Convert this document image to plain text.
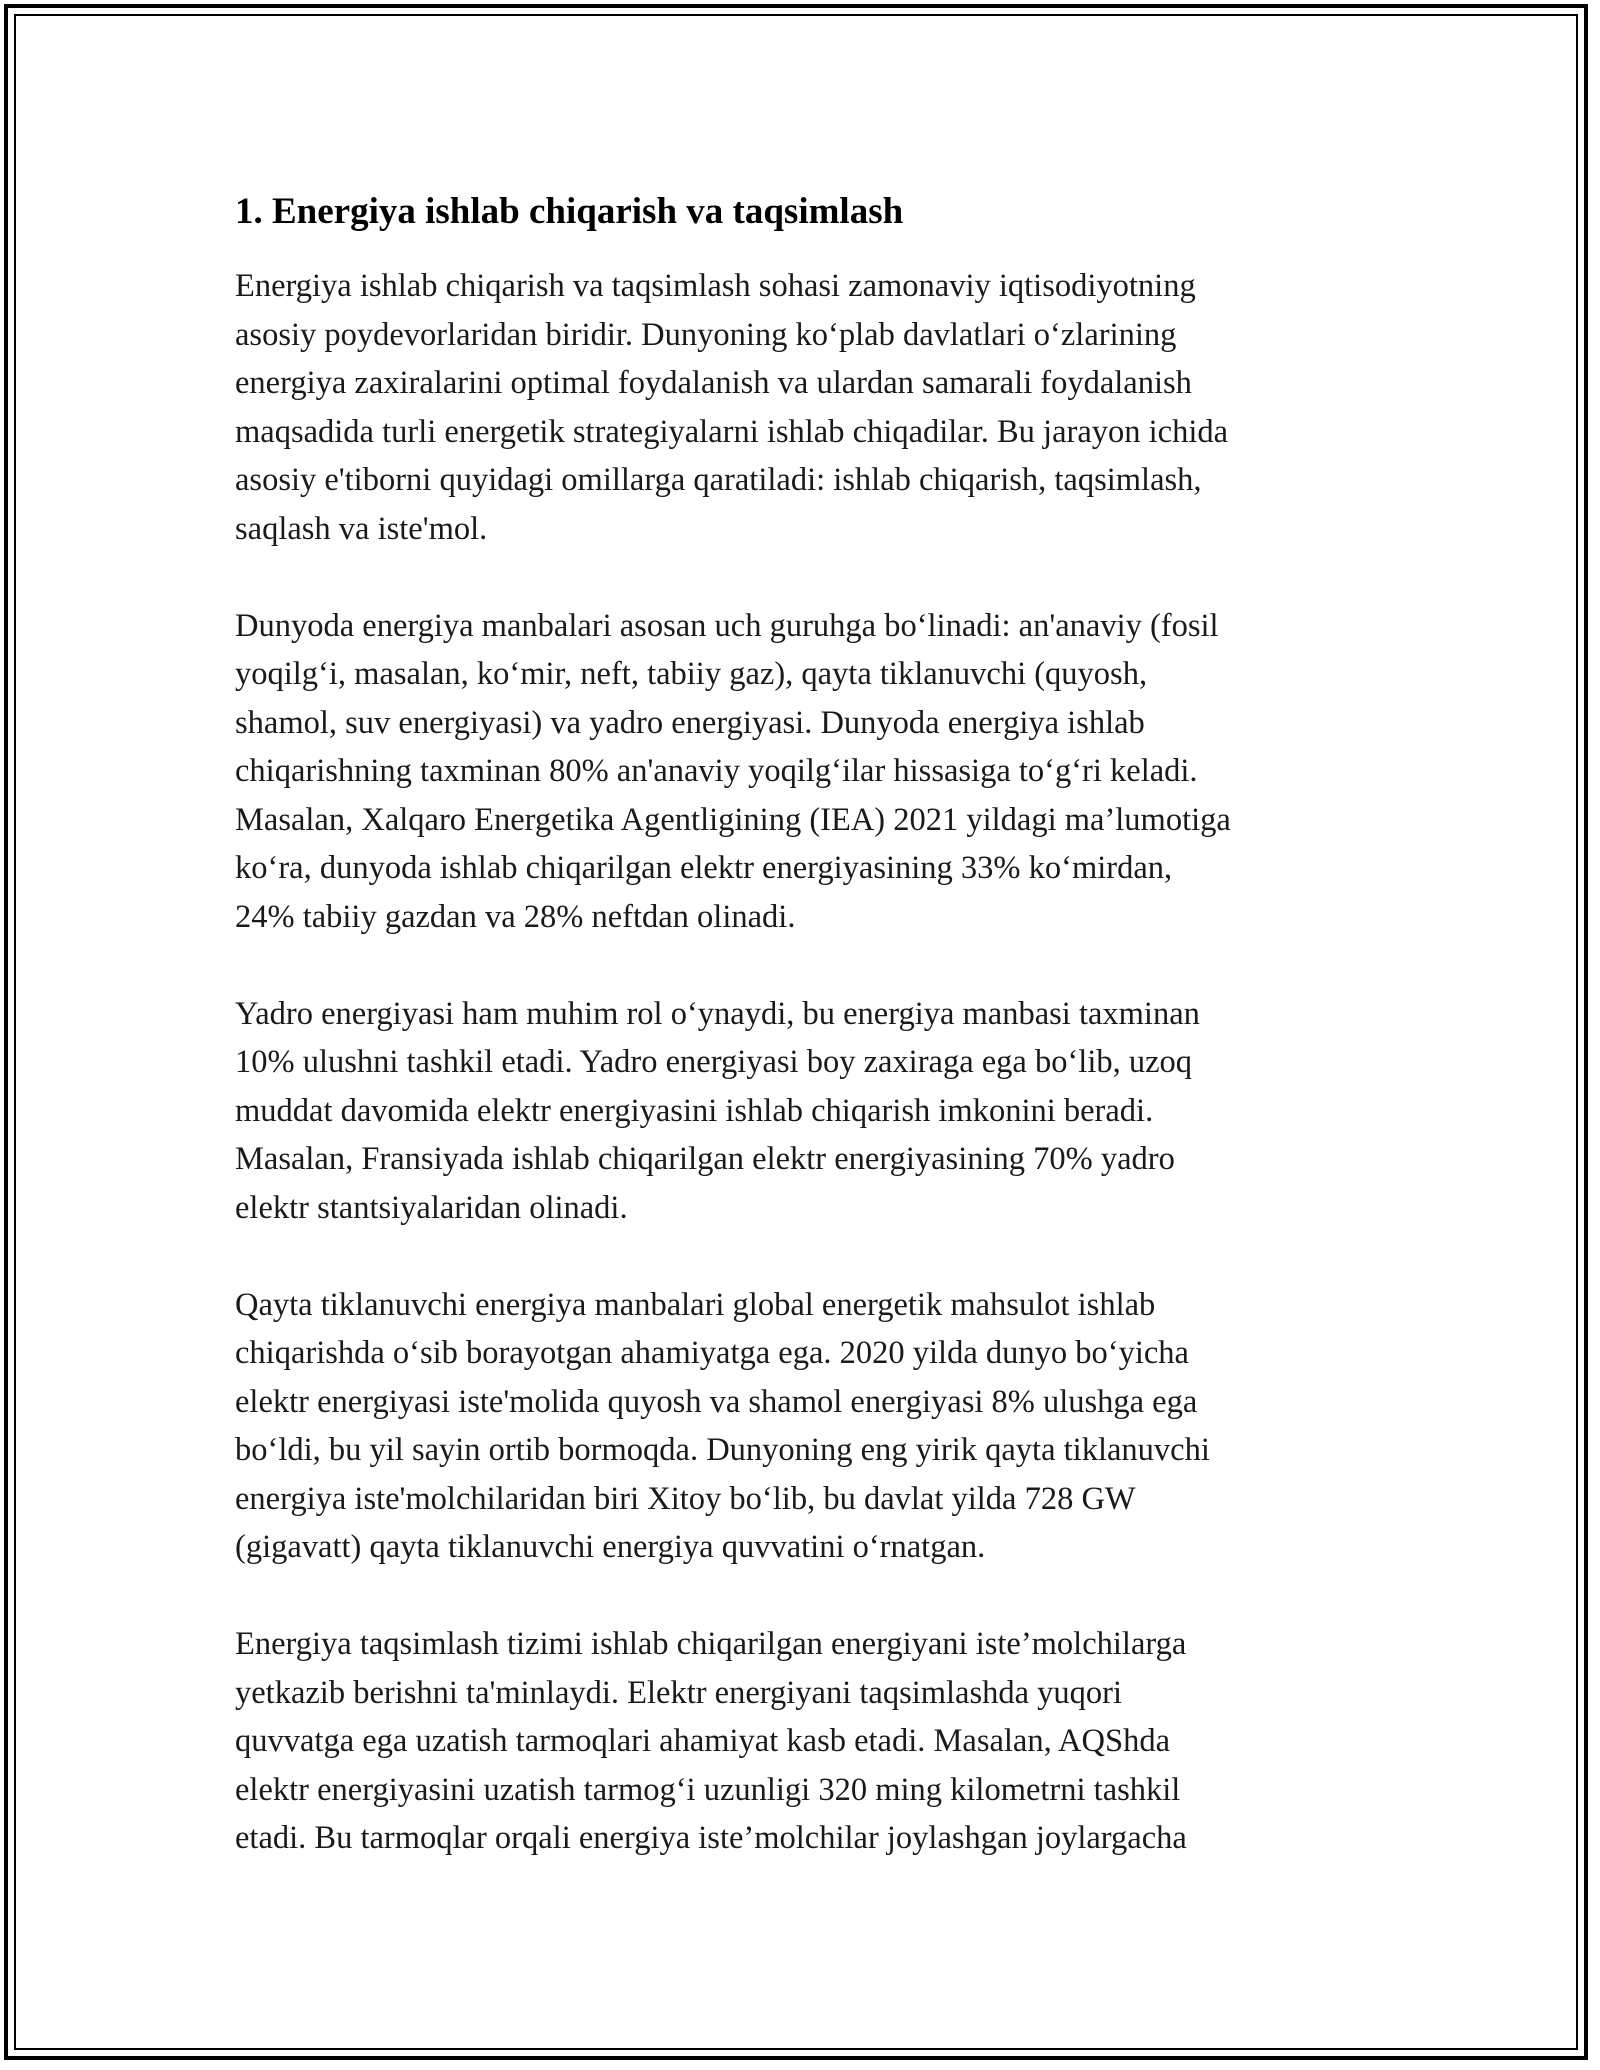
1. Energiya ishlab chiqarish va taqsimlash

Energiya ishlab chiqarish va taqsimlash sohasi zamonaviy iqtisodiyotning
asosiy poydevorlaridan biridir. Dunyoning ko‘plab davlatlari o‘zlarining
energiya zaxiralarini optimal foydalanish va ulardan samarali foydalanish
maqsadida turli energetik strategiyalarni ishlab chiqadilar. Bu jarayon ichida
asosiy e'tiborni quyidagi omillarga qaratiladi: ishlab chiqarish, taqsimlash,
saqlash va iste'mol.

Dunyoda energiya manbalari asosan uch guruhga bo‘linadi: an'anaviy (fosil
yoqilg‘i, masalan, ko‘mir, neft, tabiiy gaz), qayta tiklanuvchi (quyosh,
shamol, suv energiyasi) va yadro energiyasi. Dunyoda energiya ishlab
chiqarishning taxminan 80% an'anaviy yoqilg‘ilar hissasiga to‘g‘ri keladi.
Masalan, Xalqaro Energetika Agentligining (IEA) 2021 yildagi ma’lumotiga
ko‘ra, dunyoda ishlab chiqarilgan elektr energiyasining 33% ko‘mirdan,
24% tabiiy gazdan va 28% neftdan olinadi.

Yadro energiyasi ham muhim rol o‘ynaydi, bu energiya manbasi taxminan
10% ulushni tashkil etadi. Yadro energiyasi boy zaxiraga ega bo‘lib, uzoq
muddat davomida elektr energiyasini ishlab chiqarish imkonini beradi.
Masalan, Fransiyada ishlab chiqarilgan elektr energiyasining 70% yadro
elektr stantsiyalaridan olinadi.

Qayta tiklanuvchi energiya manbalari global energetik mahsulot ishlab
chiqarishda o‘sib borayotgan ahamiyatga ega. 2020 yilda dunyo bo‘yicha
elektr energiyasi iste'molida quyosh va shamol energiyasi 8% ulushga ega
bo‘ldi, bu yil sayin ortib bormoqda. Dunyoning eng yirik qayta tiklanuvchi
energiya iste'molchilaridan biri Xitoy bo‘lib, bu davlat yilda 728 GW
(gigavatt) qayta tiklanuvchi energiya quvvatini o‘rnatgan.

Energiya taqsimlash tizimi ishlab chiqarilgan energiyani iste’molchilarga
yetkazib berishni ta'minlaydi. Elektr energiyani taqsimlashda yuqori
quvvatga ega uzatish tarmoqlari ahamiyat kasb etadi. Masalan, AQShda
elektr energiyasini uzatish tarmog‘i uzunligi 320 ming kilometrni tashkil
etadi. Bu tarmoqlar orqali energiya iste’molchilar joylashgan joylargacha
